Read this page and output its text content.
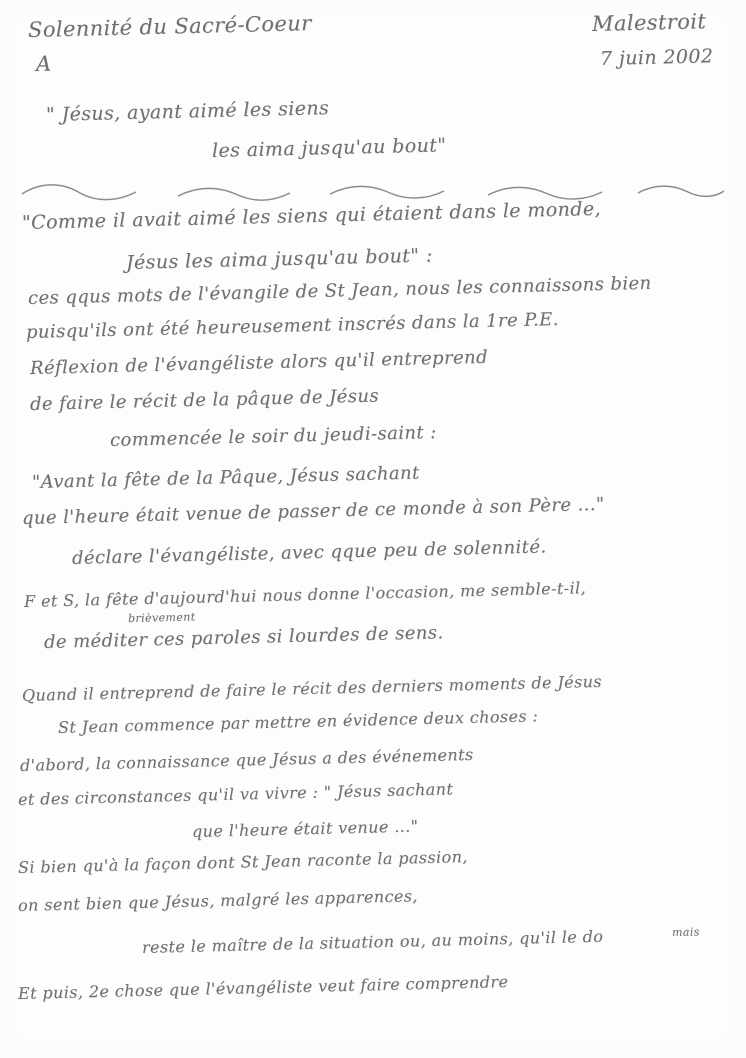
Solennité du Sacré-Coeur
A
Malestroit
7 juin 2002
" Jésus, ayant aimé les siens
les aima jusqu'au bout"
"Comme il avait aimé les siens qui étaient dans le monde,
Jésus les aima jusqu'au bout" :
ces qqus mots de l'évangile de St Jean, nous les connaissons bien
puisqu'ils ont été heureusement inscrés dans la 1re P.E.
Réflexion de l'évangéliste alors qu'il entreprend
de faire le récit de la pâque de Jésus
commencée le soir du jeudi-saint :
"Avant la fête de la Pâque, Jésus sachant
que l'heure était venue de passer de ce monde à son Père ..."
déclare l'évangéliste, avec qque peu de solennité.
F et S, la fête d'aujourd'hui nous donne l'occasion, me semble-t-il,
brièvement
de méditer ces paroles si lourdes de sens.
Quand il entreprend de faire le récit des derniers moments de Jésus
St Jean commence par mettre en évidence deux choses :
d'abord, la connaissance que Jésus a des événements
et des circonstances qu'il va vivre : " Jésus sachant
que l'heure était venue ..."
Si bien qu'à la façon dont St Jean raconte la passion,
on sent bien que Jésus, malgré les apparences,
mais
reste le maître de la situation ou, au moins, qu'il le do
Et puis, 2e chose que l'évangéliste veut faire comprendre
